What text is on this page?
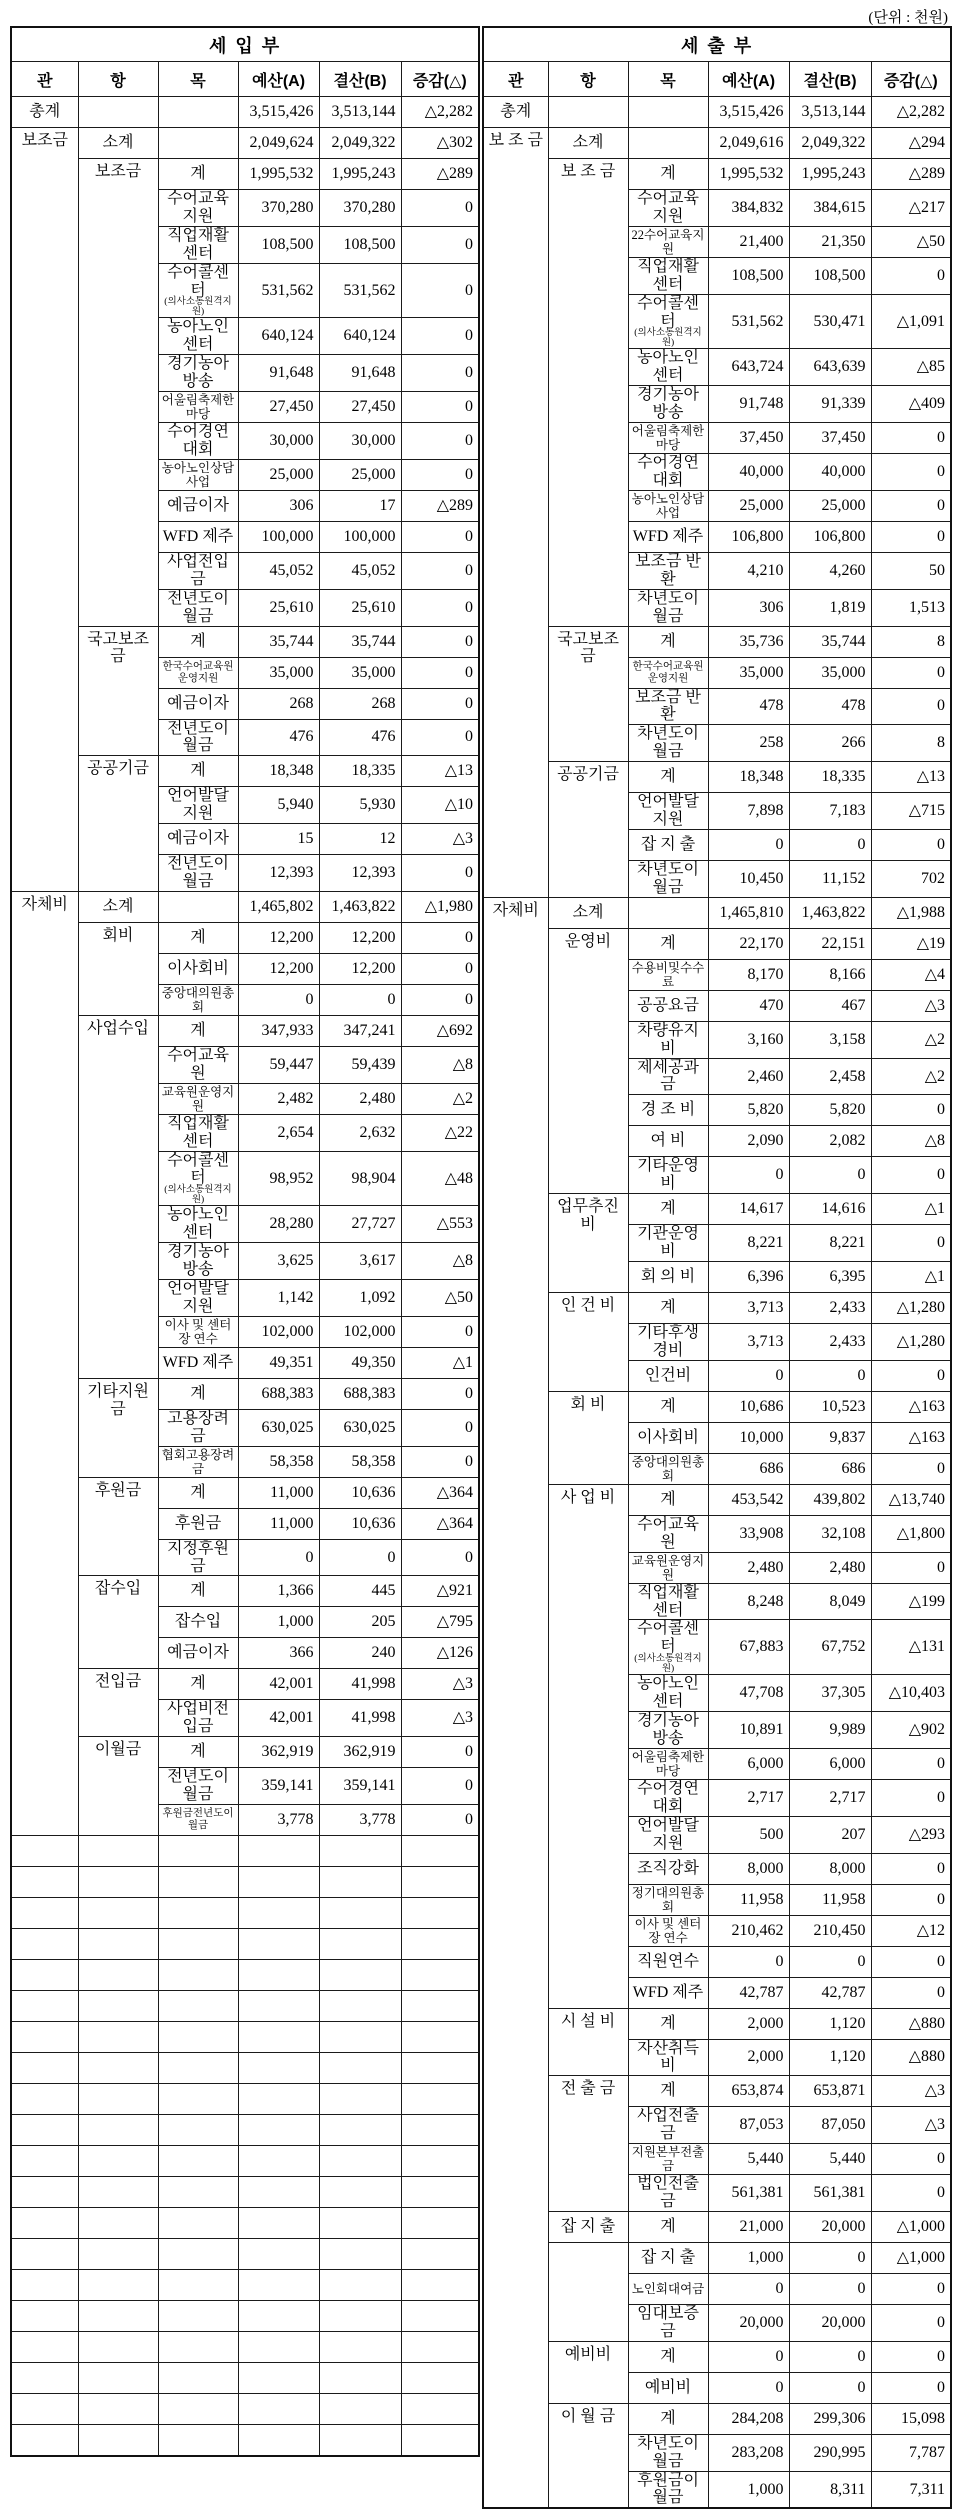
(단위 : 천원)
세 입 부					
관	항	목	예산(A)	결산(B)	증감(△)
총계			3,515,426	3,513,144	△2,282
보조금	소계		2,049,624	2,049,322	△302
	보조금	계	1,995,532	1,995,243	△289
		수어교육지원	370,280	370,280	0
		직업재활센터	108,500	108,500	0
		수어콜센터
(의사소통원격지원)	531,562	531,562	0
		농아노인센터	640,124	640,124	0
		경기농아방송	91,648	91,648	0
		어울림축제한마당	27,450	27,450	0
		수어경연대회	30,000	30,000	0
		농아노인상담사업	25,000	25,000	0
		예금이자	306	17	△289
		WFD 제주	100,000	100,000	0
		사업전입금	45,052	45,052	0
		전년도이월금	25,610	25,610	0
	국고보조금	계	35,744	35,744	0
		한국수어교육원운영지원	35,000	35,000	0
		예금이자	268	268	0
		전년도이월금	476	476	0
	공공기금	계	18,348	18,335	△13
		언어발달지원	5,940	5,930	△10
		예금이자	15	12	△3
		전년도이월금	12,393	12,393	0
자체비	소계		1,465,802	1,463,822	△1,980
	회비	계	12,200	12,200	0
		이사회비	12,200	12,200	0
		중앙대의원총회	0	0	0
	사업수입	계	347,933	347,241	△692
		수어교육원	59,447	59,439	△8
		교육원운영지원	2,482	2,480	△2
		직업재활센터	2,654	2,632	△22
		수어콜센터
(의사소통원격지원)	98,952	98,904	△48
		농아노인센터	28,280	27,727	△553
		경기농아방송	3,625	3,617	△8
		언어발달지원	1,142	1,092	△50
		이사 및 센터장 연수	102,000	102,000	0
		WFD 제주	49,351	49,350	△1
	기타지원금	계	688,383	688,383	0
		고용장려금	630,025	630,025	0
		협회고용장려금	58,358	58,358	0
	후원금	계	11,000	10,636	△364
		후원금	11,000	10,636	△364
		지정후원금	0	0	0
	잡수입	계	1,366	445	△921
		잡수입	1,000	205	△795
		예금이자	366	240	△126
	전입금	계	42,001	41,998	△3
		사업비전입금	42,001	41,998	△3
	이월금	계	362,919	362,919	0
		전년도이월금	359,141	359,141	0
		후원금전년도이월금	3,778	3,778	0

세 출 부					
관	항	목	예산(A)	결산(B)	증감(△)
총계			3,515,426	3,513,144	△2,282
보 조 금	소계		2,049,616	2,049,322	△294
	보 조 금	계	1,995,532	1,995,243	△289
		수어교육지원	384,832	384,615	△217
		22수어교육지원	21,400	21,350	△50
		직업재활센터	108,500	108,500	0
		수어콜센터
(의사소통원격지원)	531,562	530,471	△1,091
		농아노인센터	643,724	643,639	△85
		경기농아방송	91,748	91,339	△409
		어울림축제한마당	37,450	37,450	0
		수어경연대회	40,000	40,000	0
		농아노인상담사업	25,000	25,000	0
		WFD 제주	106,800	106,800	0
		보조금 반환	4,210	4,260	50
		차년도이월금	306	1,819	1,513
	국고보조금	계	35,736	35,744	8
		한국수어교육원운영지원	35,000	35,000	0
		보조금 반환	478	478	0
		차년도이월금	258	266	8
	공공기금	계	18,348	18,335	△13
		언어발달지원	7,898	7,183	△715
		잡 지 출	0	0	0
		차년도이월금	10,450	11,152	702
자체비	소계		1,465,810	1,463,822	△1,988
	운영비	계	22,170	22,151	△19
		수용비및수수료	8,170	8,166	△4
		공공요금	470	467	△3
		차량유지비	3,160	3,158	△2
		제세공과금	2,460	2,458	△2
		경 조 비	5,820	5,820	0
		여 비	2,090	2,082	△8
		기타운영비	0	0	0
	업무추진비	계	14,617	14,616	△1
		기관운영비	8,221	8,221	0
		회 의 비	6,396	6,395	△1
	인 건 비	계	3,713	2,433	△1,280
		기타후생경비	3,713	2,433	△1,280
		인건비	0	0	0
	회 비	계	10,686	10,523	△163
		이사회비	10,000	9,837	△163
		중앙대의원총회	686	686	0
	사 업 비	계	453,542	439,802	△13,740
		수어교육원	33,908	32,108	△1,800
		교육원운영지원	2,480	2,480	0
		직업재활센터	8,248	8,049	△199
		수어콜센터
(의사소통원격지원)	67,883	67,752	△131
		농아노인센터	47,708	37,305	△10,403
		경기농아방송	10,891	9,989	△902
		어울림축제한마당	6,000	6,000	0
		수어경연대회	2,717	2,717	0
		언어발달지원	500	207	△293
		조직강화	8,000	8,000	0
		정기대의원총회	11,958	11,958	0
		이사 및 센터장 연수	210,462	210,450	△12
		직원연수	0	0	0
		WFD 제주	42,787	42,787	0
	시 설 비	계	2,000	1,120	△880
		자산취득비	2,000	1,120	△880
	전 출 금	계	653,874	653,871	△3
		사업전출금	87,053	87,050	△3
		지원본부전출금	5,440	5,440	0
		법인전출금	561,381	561,381	0
	잡 지 출	계	21,000	20,000	△1,000
		잡 지 출	1,000	0	△1,000
		노인회대여금	0	0	0
		임대보증금	20,000	20,000	0
	예비비	계	0	0	0
		예비비	0	0	0
	이 월 금	계	284,208	299,306	15,098
		차년도이월금	283,208	290,995	7,787
		후원금이월금	1,000	8,311	7,311
